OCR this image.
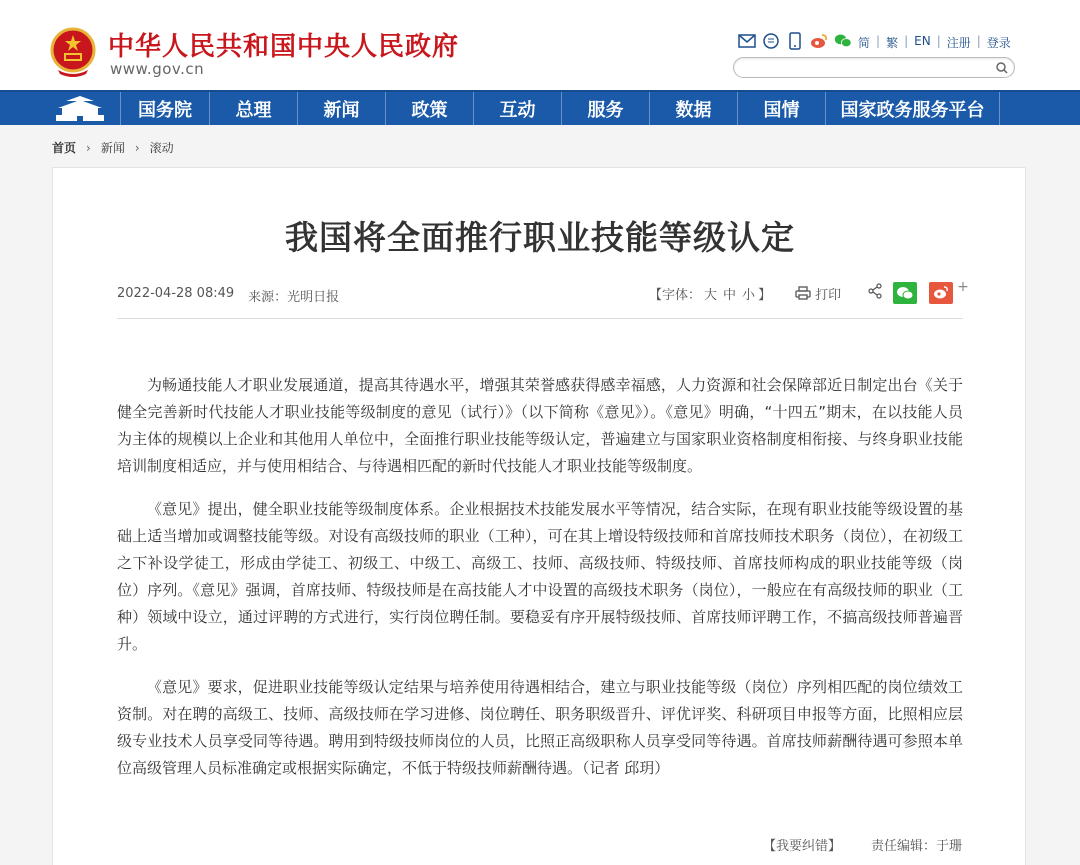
中华人民共和国中央人民政府
www.gov.cn
简 | 繁 | EN | 注册 | 登录
国务院	总理	新闻	政策	互动	服务	数据	国情	国家政务服务平台
首页 › 新闻 › 滚动
我国将全面推行职业技能等级认定
2022-04-28 08:49 来源：光明日报	【字体： 大 中 小 】	打印	+

为畅通技能人才职业发展通道，提高其待遇水平，增强其荣誉感获得感幸福感，人力资源和社会保障部近日制定出台《关于健全完善新时代技能人才职业技能等级制度的意见（试行）》（以下简称《意见》）。《意见》明确，“十四五”期末，在以技能人员为主体的规模以上企业和其他用人单位中，全面推行职业技能等级认定，普遍建立与国家职业资格制度相衔接、与终身职业技能培训制度相适应，并与使用相结合、与待遇相匹配的新时代技能人才职业技能等级制度。

《意见》提出，健全职业技能等级制度体系。企业根据技术技能发展水平等情况，结合实际，在现有职业技能等级设置的基础上适当增加或调整技能等级。对设有高级技师的职业（工种），可在其上增设特级技师和首席技师技术职务（岗位），在初级工之下补设学徒工，形成由学徒工、初级工、中级工、高级工、技师、高级技师、特级技师、首席技师构成的职业技能等级（岗位）序列。《意见》强调，首席技师、特级技师是在高技能人才中设置的高级技术职务（岗位），一般应在有高级技师的职业（工种）领域中设立，通过评聘的方式进行，实行岗位聘任制。要稳妥有序开展特级技师、首席技师评聘工作，不搞高级技师普遍晋升。

《意见》要求，促进职业技能等级认定结果与培养使用待遇相结合，建立与职业技能等级（岗位）序列相匹配的岗位绩效工资制。对在聘的高级工、技师、高级技师在学习进修、岗位聘任、职务职级晋升、评优评奖、科研项目申报等方面，比照相应层级专业技术人员享受同等待遇。聘用到特级技师岗位的人员，比照正高级职称人员享受同等待遇。首席技师薪酬待遇可参照本单位高级管理人员标准确定或根据实际确定，不低于特级技师薪酬待遇。（记者 邱玥）

【我要纠错】 责任编辑：于珊
